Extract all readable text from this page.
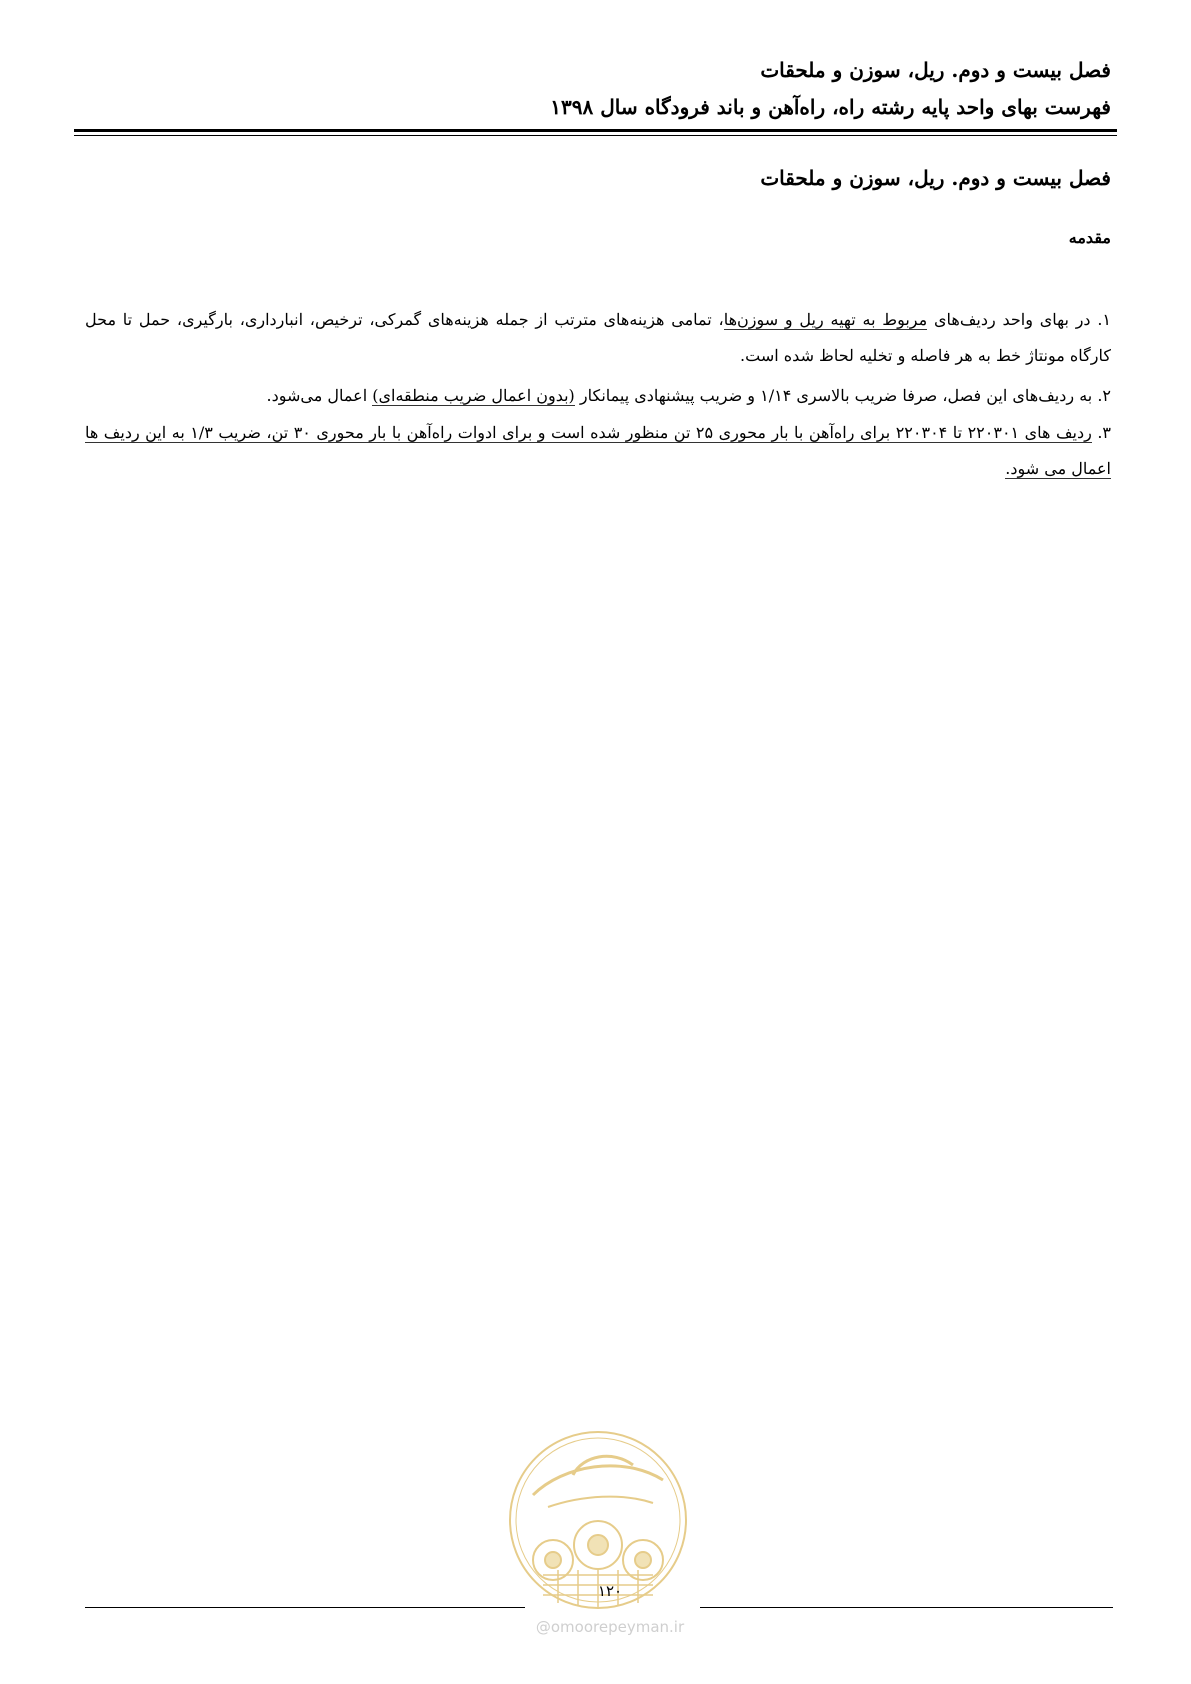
فصل بیست و دوم. ریل، سوزن و ملحقات
فهرست بهای واحد پایه رشته راه، راه‌آهن و باند فرودگاه سال ۱۳۹۸
فصل بیست و دوم. ریل، سوزن و ملحقات
مقدمه
۱. در بهای واحد ردیف‌های مربوط به تهیه ریل و سوزن‌ها، تمامی هزینه‌های مترتب از جمله هزینه‌های گمرکی، ترخیص، انبارداری، بارگیری، حمل تا محل کارگاه مونتاژ خط به هر فاصله و تخلیه لحاظ شده است.
۲. به ردیف‌های این فصل، صرفا ضریب بالاسری ۱/۱۴ و ضریب پیشنهادی پیمانکار (بدون اعمال ضریب منطقه‌ای) اعمال می‌شود.
۳. ردیف های ۲۲۰۳۰۱ تا ۲۲۰۳۰۴ برای راه‌آهن با بار محوری ۲۵ تن منظور شده است و برای ادوات راه‌آهن با بار محوری ۳۰ تن، ضریب ۱/۳ به این ردیف ها اعمال می شود.
۱۲۰
@omoorepeyman.ir
